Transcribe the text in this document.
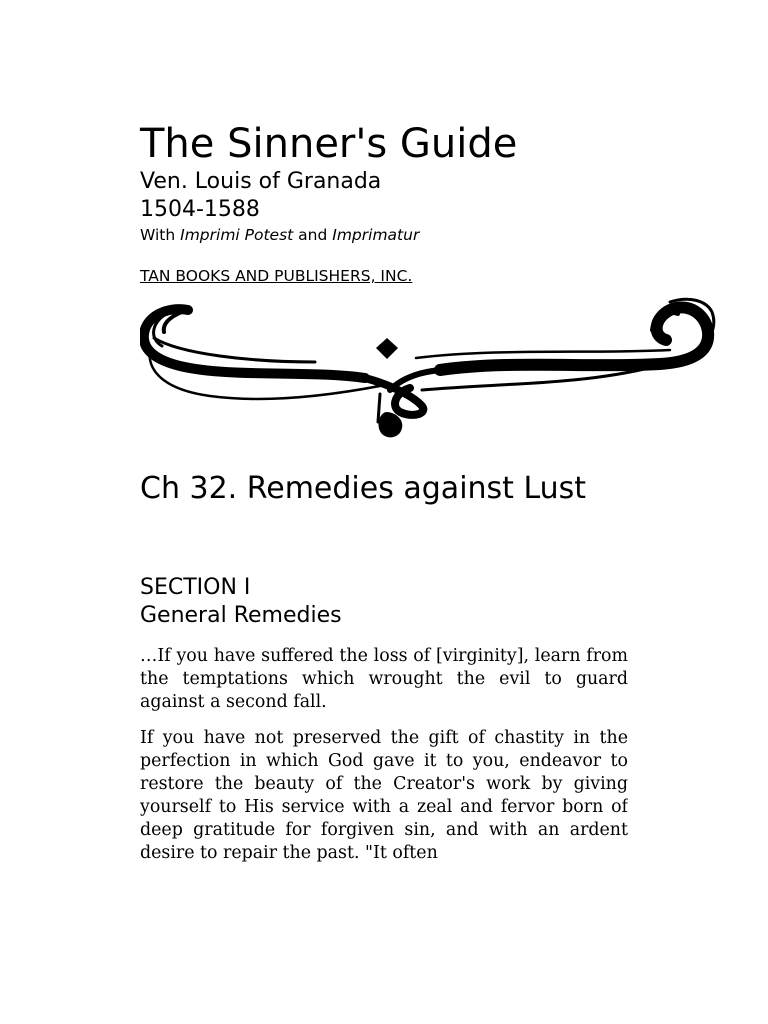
The Sinner's Guide

Ven. Louis of Granada

1504-1588

With Imprimi Potest and Imprimatur

TAN BOOKS AND PUBLISHERS, INC.

Ch 32. Remedies against Lust
SECTION I
General Remedies

…If you have suffered the loss of [virginity], learn from the temptations which wrought the evil to guard against a second fall.

If you have not preserved the gift of chastity in the perfection in which God gave it to you, endeavor to restore the beauty of the Creator's work by giving yourself to His service with a zeal and fervor born of deep gratitude for forgiven sin, and with an ardent desire to repair the past. "It often
